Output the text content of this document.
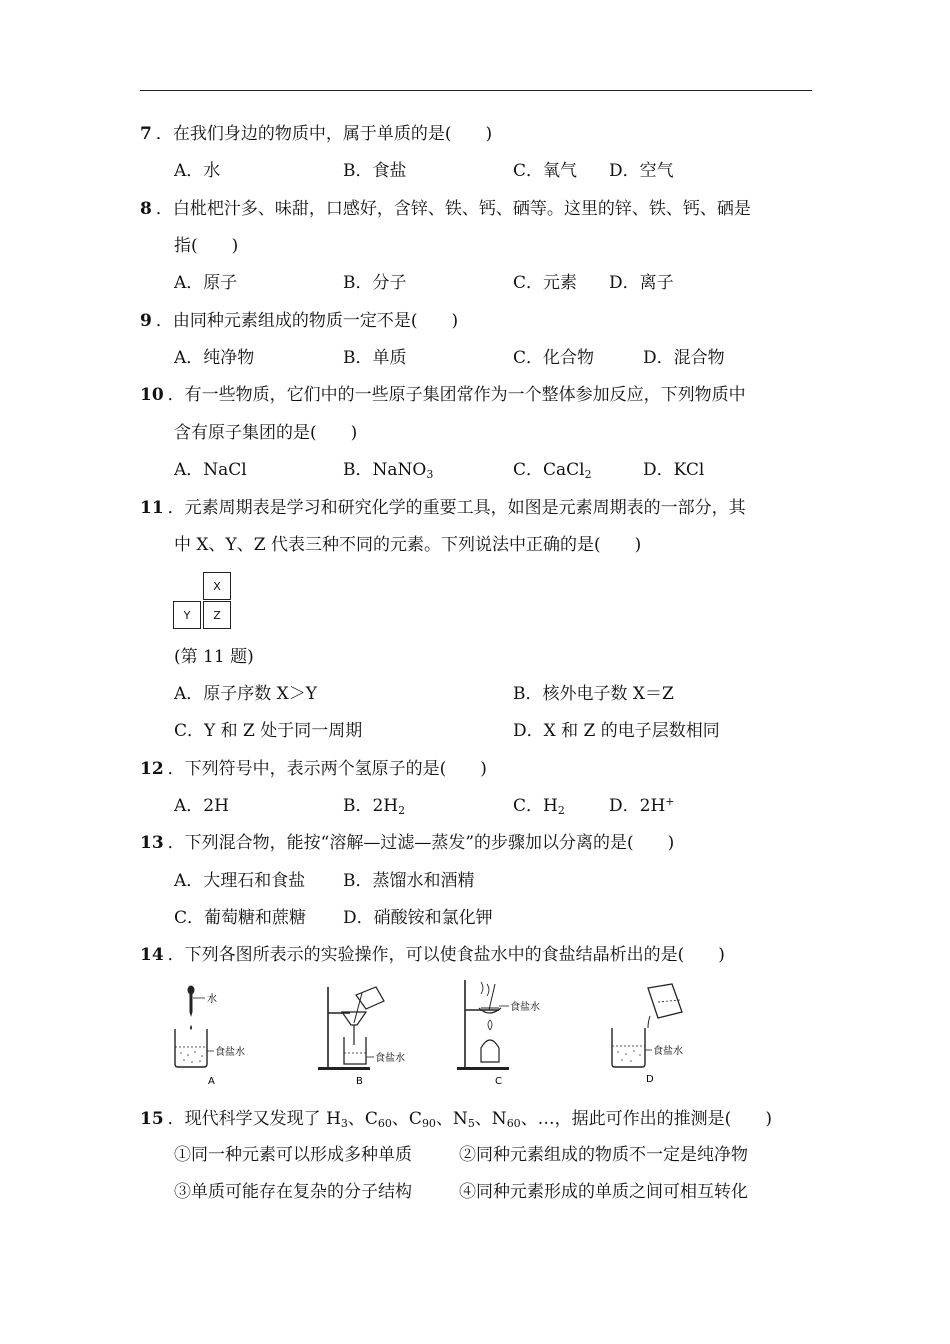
7 ．在我们身边的物质中，属于单质的是(　　)
A．水	B．食盐	C．氧气 D．空气
8 ．白枇杷汁多、味甜，口感好，含锌、铁、钙、硒等。这里的锌、铁、钙、硒是
指(　　)
A．原子	B．分子	C．元素 D．离子
9 ．由同种元素组成的物质一定不是(　　)
A．纯净物	B．单质	C．化合物	D．混合物
10 ．有一些物质，它们中的一些原子集团常作为一个整体参加反应，下列物质中
含有原子集团的是(　　)
A．NaCl	B．NaNO$_3$	C．CaCl$_2$	D．KCl
11 ．元素周期表是学习和研究化学的重要工具，如图是元素周期表的一部分，其
中 X、Y、Z 代表三种不同的元素。下列说法中正确的是(　　)
X
Y	Z
(第 11 题)
A．原子序数 X＞Y	B．核外电子数 X＝Z
C．Y 和 Z 处于同一周期	D．X 和 Z 的电子层数相同
12 ．下列符号中，表示两个氢原子的是(　　)
A．2H	B．$2H_2$	C．$H_2$	D．2H+
13 ．下列混合物，能按“溶解—过滤—蒸发”的步骤加以分离的是(　　)
A．大理石和食盐 B．蒸馏水和酒精
C．葡萄糖和蔗糖 D．硝酸铵和氯化钾
14 ．下列各图所表示的实验操作，可以使食盐水中的食盐结晶析出的是(　　)
水
食盐水
A
食盐水
B
食盐水
C
食盐水
D
15 ．现代科学又发现了 $H_3$、$C_{60}$、$C_{90}$、$N_5$、$N_{60}$、…，据此可作出的推测是(　　)
①同一种元素可以形成多种单质	②同种元素组成的物质不一定是纯净物
③单质可能存在复杂的分子结构	④同种元素形成的单质之间可相互转化
